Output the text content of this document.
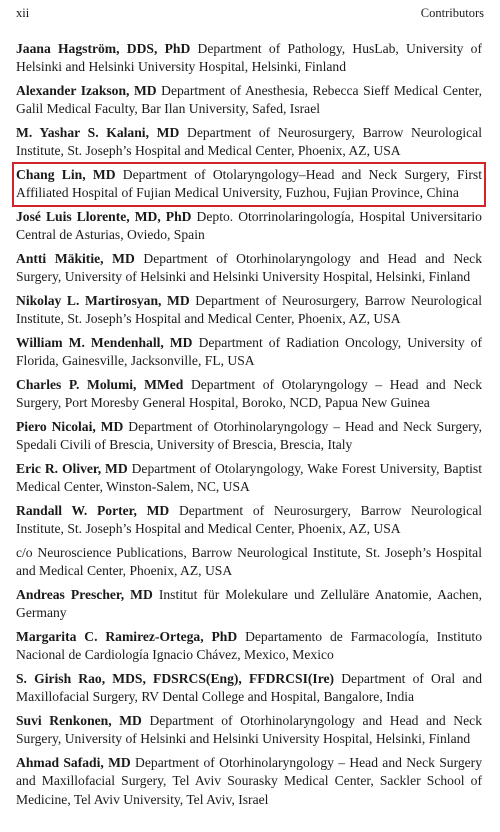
xii	Contributors

Jaana Hagström, DDS, PhD Department of Pathology, HusLab, University of Helsinki and Helsinki University Hospital, Helsinki, Finland

Alexander Izakson, MD Department of Anesthesia, Rebecca Sieff Medical Center, Galil Medical Faculty, Bar Ilan University, Safed, Israel

M. Yashar S. Kalani, MD Department of Neurosurgery, Barrow Neurological Institute, St. Joseph’s Hospital and Medical Center, Phoenix, AZ, USA

Chang Lin, MD Department of Otolaryngology–Head and Neck Surgery, First Affiliated Hospital of Fujian Medical University, Fuzhou, Fujian Province, China

José Luis Llorente, MD, PhD Depto. Otorrinolaringología, Hospital Universitario Central de Asturias, Oviedo, Spain

Antti Mäkitie, MD Department of Otorhinolaryngology and Head and Neck Surgery, University of Helsinki and Helsinki University Hospital, Helsinki, Finland

Nikolay L. Martirosyan, MD Department of Neurosurgery, Barrow Neurological Institute, St. Joseph’s Hospital and Medical Center, Phoenix, AZ, USA

William M. Mendenhall, MD Department of Radiation Oncology, University of Florida, Gainesville, Jacksonville, FL, USA

Charles P. Molumi, MMed Department of Otolaryngology – Head and Neck Surgery, Port Moresby General Hospital, Boroko, NCD, Papua New Guinea

Piero Nicolai, MD Department of Otorhinolaryngology – Head and Neck Surgery, Spedali Civili of Brescia, University of Brescia, Brescia, Italy

Eric R. Oliver, MD Department of Otolaryngology, Wake Forest University, Baptist Medical Center, Winston-Salem, NC, USA

Randall W. Porter, MD Department of Neurosurgery, Barrow Neurological Institute, St. Joseph’s Hospital and Medical Center, Phoenix, AZ, USA

c/o Neuroscience Publications, Barrow Neurological Institute, St. Joseph’s Hospital and Medical Center, Phoenix, AZ, USA

Andreas Prescher, MD Institut für Molekulare und Zelluläre Anatomie, Aachen, Germany

Margarita C. Ramirez-Ortega, PhD Departamento de Farmacología, Instituto Nacional de Cardiología Ignacio Chávez, Mexico, Mexico

S. Girish Rao, MDS, FDSRCS(Eng), FFDRCSI(Ire) Department of Oral and Maxillofacial Surgery, RV Dental College and Hospital, Bangalore, India

Suvi Renkonen, MD Department of Otorhinolaryngology and Head and Neck Surgery, University of Helsinki and Helsinki University Hospital, Helsinki, Finland

Ahmad Safadi, MD Department of Otorhinolaryngology – Head and Neck Surgery and Maxillofacial Surgery, Tel Aviv Sourasky Medical Center, Sackler School of Medicine, Tel Aviv University, Tel Aviv, Israel
